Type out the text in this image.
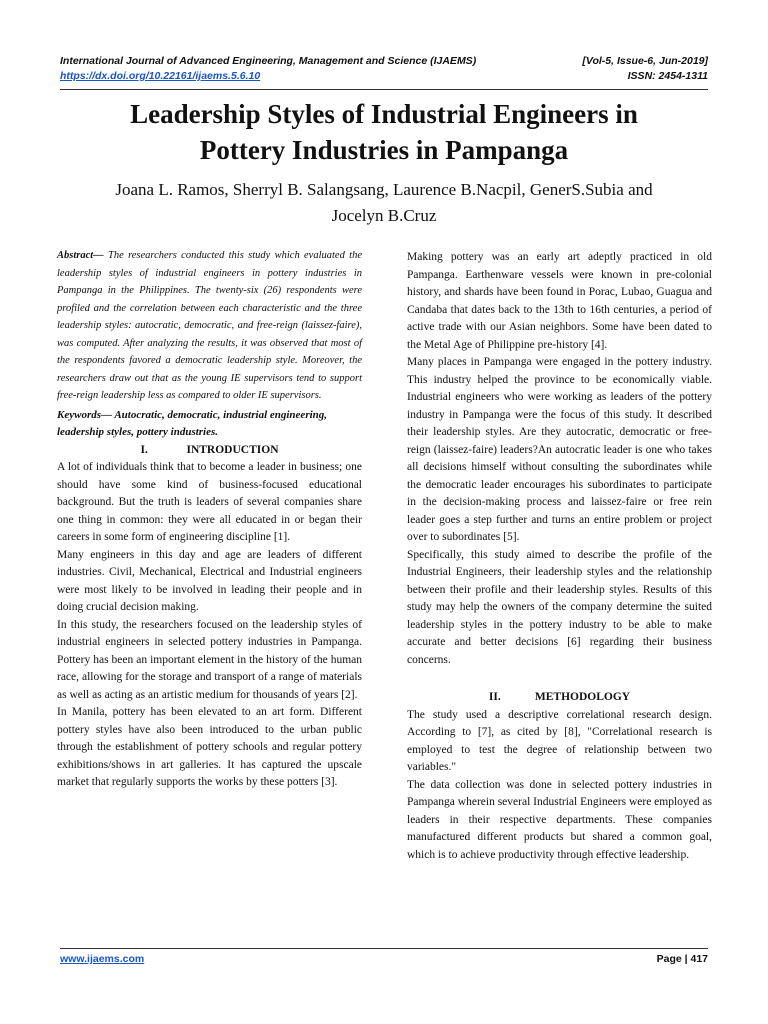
International Journal of Advanced Engineering, Management and Science (IJAEMS)
https://dx.doi.org/10.22161/ijaems.5.6.10
[Vol-5, Issue-6, Jun-2019]
ISSN: 2454-1311
Leadership Styles of Industrial Engineers in
Pottery Industries in Pampanga
Joana L. Ramos, Sherryl B. Salangsang, Laurence B.Nacpil, GenerS.Subia and
Jocelyn B.Cruz

Abstract— The researchers conducted this study which evaluated the leadership styles of industrial engineers in pottery industries in Pampanga in the Philippines. The twenty-six (26) respondents were profiled and the correlation between each characteristic and the three leadership styles: autocratic, democratic, and free-reign (laissez-faire), was computed. After analyzing the results, it was observed that most of the respondents favored a democratic leadership style. Moreover, the researchers draw out that as the young IE supervisors tend to support free-reign leadership less as compared to older IE supervisors.

Keywords— Autocratic, democratic, industrial engineering, leadership styles, pottery industries.

I.	INTRODUCTION

A lot of individuals think that to become a leader in business; one should have some kind of business-focused educational background. But the truth is leaders of several companies share one thing in common: they were all educated in or began their careers in some form of engineering discipline [1].

Many engineers in this day and age are leaders of different industries. Civil, Mechanical, Electrical and Industrial engineers were most likely to be involved in leading their people and in doing crucial decision making.

In this study, the researchers focused on the leadership styles of industrial engineers in selected pottery industries in Pampanga. Pottery has been an important element in the history of the human race, allowing for the storage and transport of a range of materials as well as acting as an artistic medium for thousands of years [2].

In Manila, pottery has been elevated to an art form. Different pottery styles have also been introduced to the urban public through the establishment of pottery schools and regular pottery exhibitions/shows in art galleries. It has captured the upscale market that regularly supports the works by these potters [3].

Making pottery was an early art adeptly practiced in old Pampanga. Earthenware vessels were known in pre-colonial history, and shards have been found in Porac, Lubao, Guagua and Candaba that dates back to the 13th to 16th centuries, a period of active trade with our Asian neighbors. Some have been dated to the Metal Age of Philippine pre-history [4].

Many places in Pampanga were engaged in the pottery industry. This industry helped the province to be economically viable. Industrial engineers who were working as leaders of the pottery industry in Pampanga were the focus of this study. It described their leadership styles. Are they autocratic, democratic or free-reign (laissez-faire) leaders?An autocratic leader is one who takes all decisions himself without consulting the subordinates while the democratic leader encourages his subordinates to participate in the decision-making process and laissez-faire or free rein leader goes a step further and turns an entire problem or project over to subordinates [5].

Specifically, this study aimed to describe the profile of the Industrial Engineers, their leadership styles and the relationship between their profile and their leadership styles. Results of this study may help the owners of the company determine the suited leadership styles in the pottery industry to be able to make accurate and better decisions [6] regarding their business concerns.

II.	METHODOLOGY

The study used a descriptive correlational research design. According to [7], as cited by [8], "Correlational research is employed to test the degree of relationship between two variables."

The data collection was done in selected pottery industries in Pampanga wherein several Industrial Engineers were employed as leaders in their respective departments. These companies manufactured different products but shared a common goal, which is to achieve productivity through effective leadership.

www.ijaems.com	Page | 417
